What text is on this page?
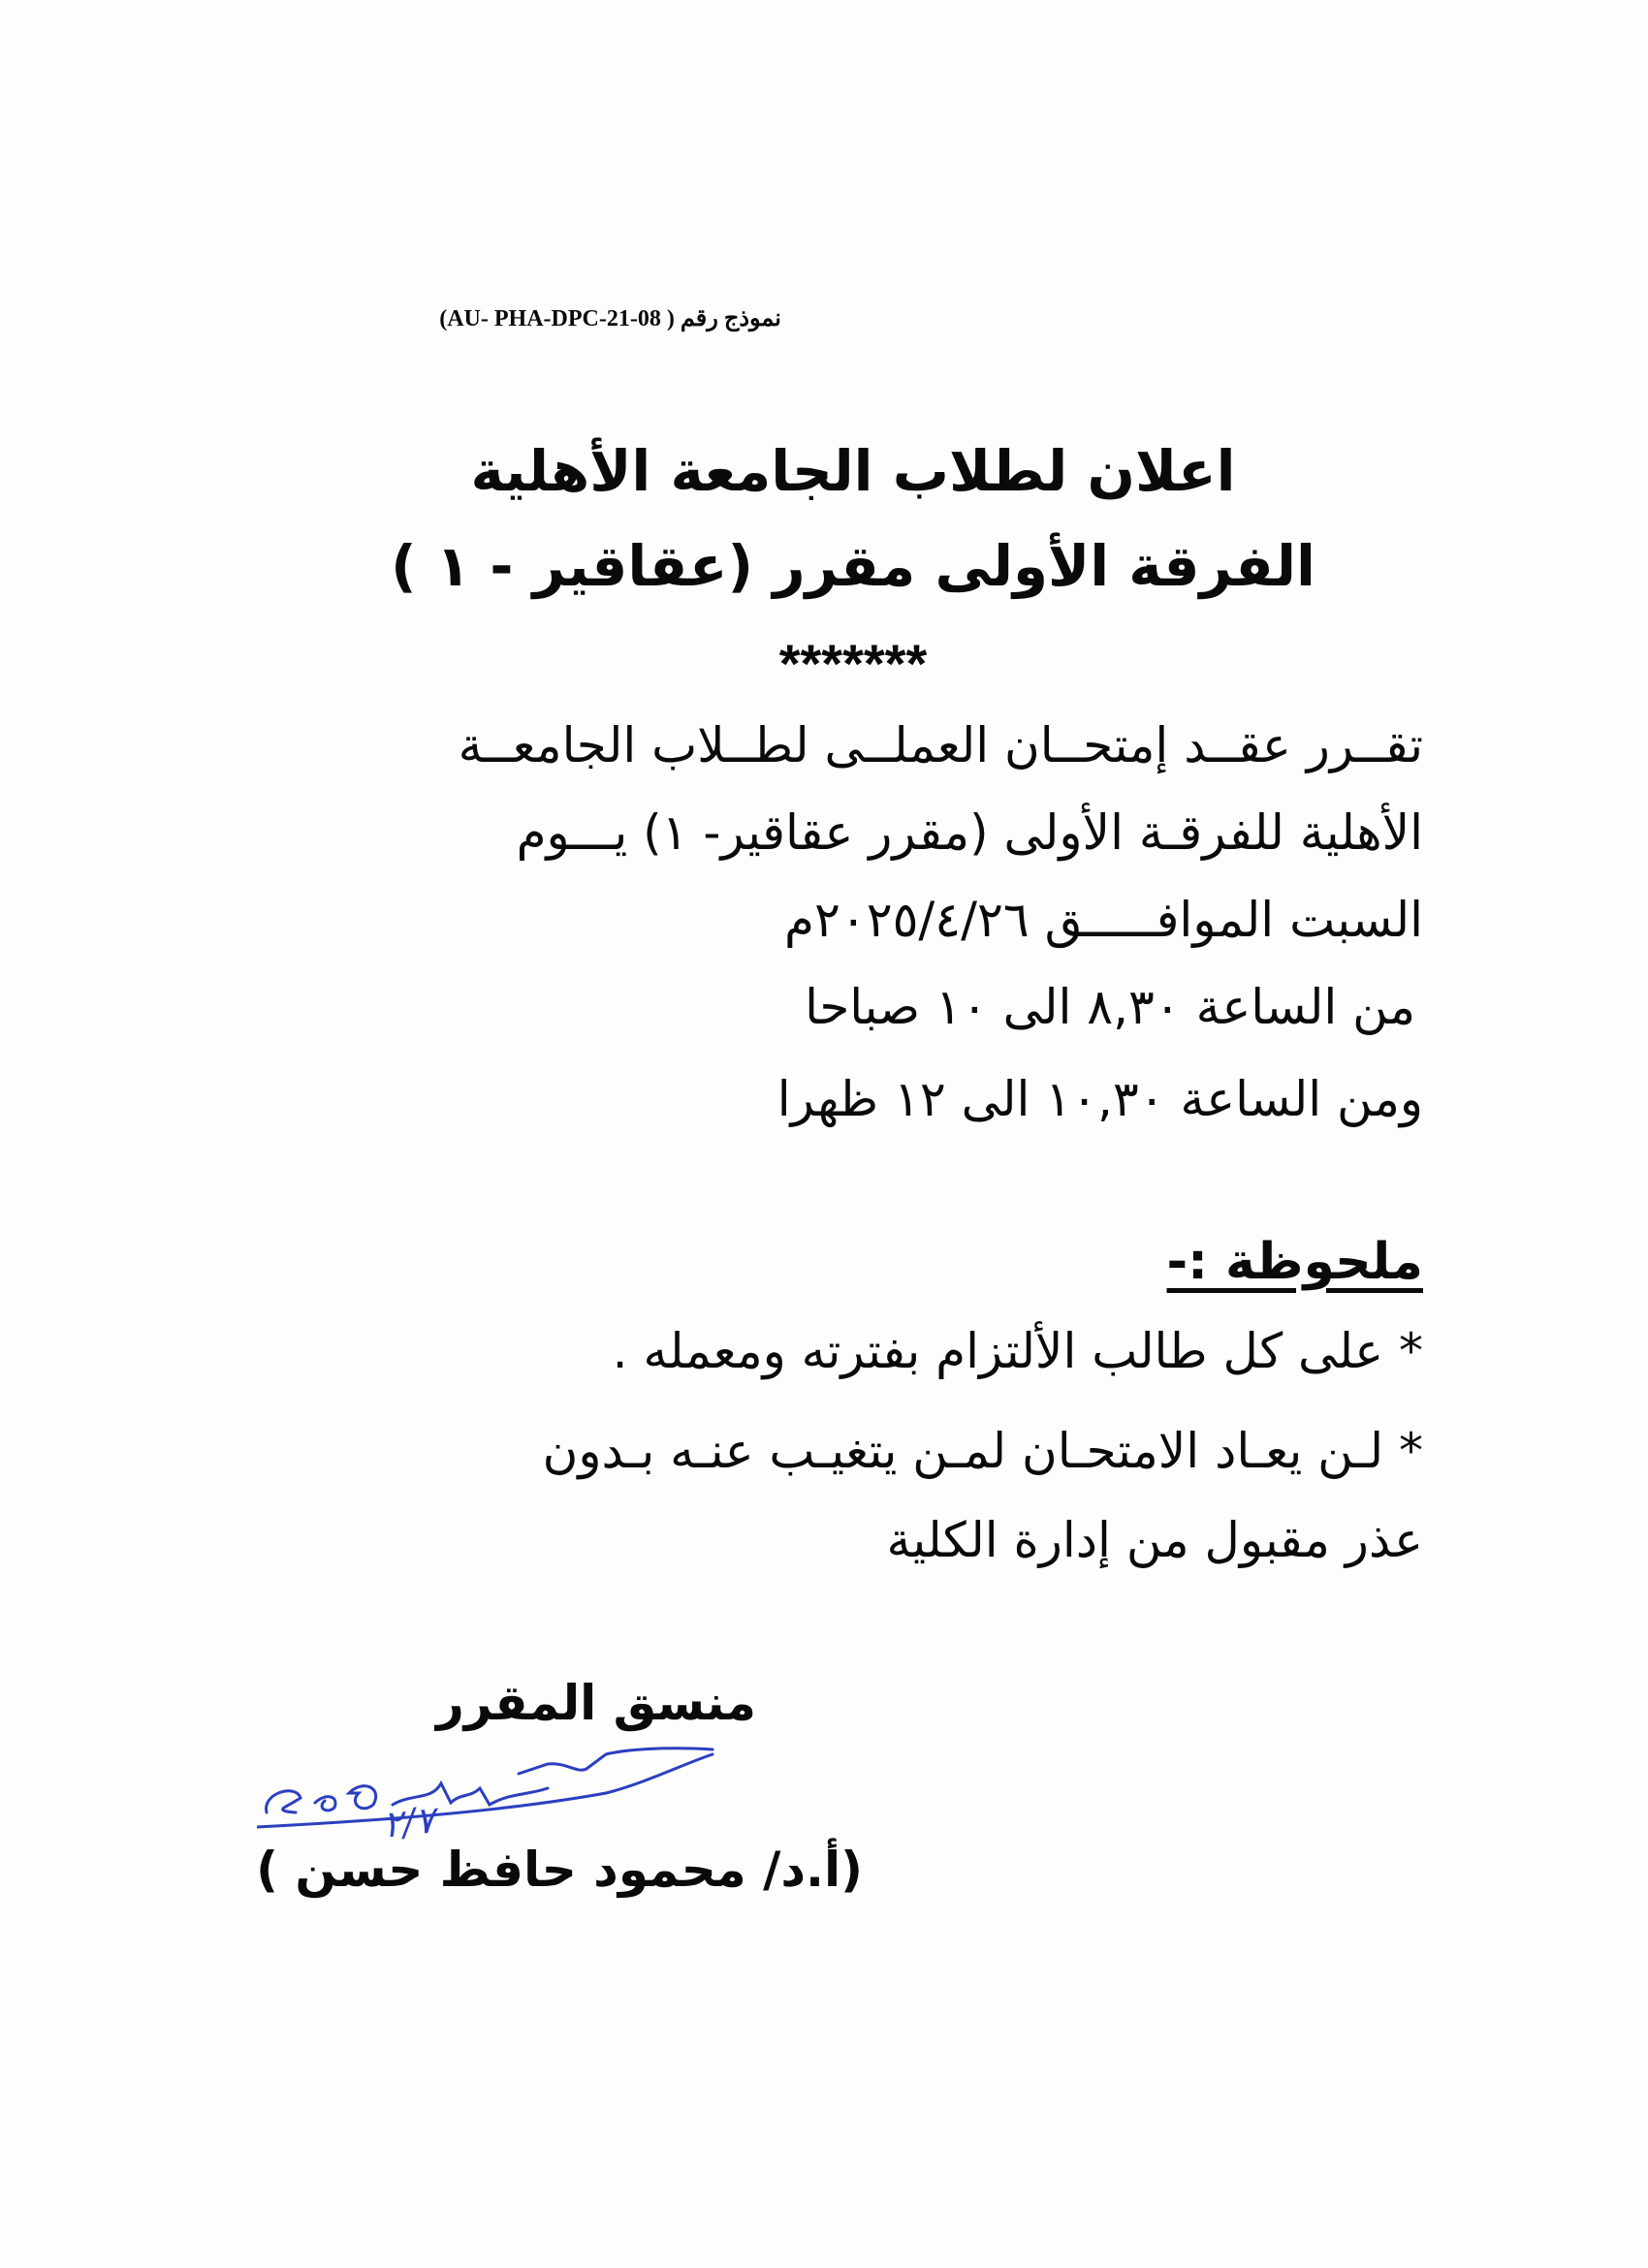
نموذج رقم ( AU- PHA-DPC-21-08)
اعلان لطلاب الجامعة الأهلية
الفرقة الأولى مقرر (عقاقير - ١ )
*******
تقــرر عقــد إمتحــان العملــى لطــلاب الجامعــة
الأهلية للفرقـة الأولى (مقرر عقاقير- ١) يـــوم
السبت الموافـــــق ٢٠٢٥/٤/٢٦م
من الساعة ٨,٣٠ الى ١٠ صباحا
ومن الساعة ١٠,٣٠ الى ١٢ ظهرا
ملحوظة :-
* على كل طالب الألتزام بفترته ومعمله .
* لـن يعـاد الامتحـان لمـن يتغيـب عنـه بـدون
عذر مقبول من إدارة الكلية
منسق المقرر
٢/٧
(أ.د/ محمود حافظ حسن )
